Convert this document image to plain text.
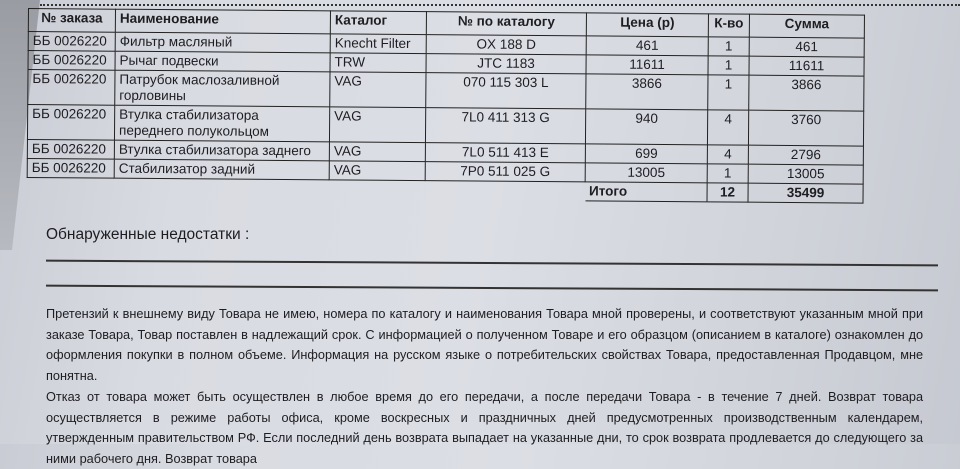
№ заказа	Наименование	Каталог	№ по каталогу	Цена (р)	К-во	Сумма
ББ 0026220	Фильтр масляный	Knecht Filter	OX 188 D	461	1	461
ББ 0026220	Рычаг подвески	TRW	JTC 1183	11611	1	11611
ББ 0026220	Патрубок маслозаливной горловины	VAG	070 115 303 L	3866	1	3866
ББ 0026220	Втулка стабилизатора переднего полукольцом	VAG	7L0 411 313 G	940	4	3760
ББ 0026220	Втулка стабилизатора заднего	VAG	7L0 511 413 E	699	4	2796
ББ 0026220	Стабилизатор задний	VAG	7P0 511 025 G	13005	1	13005
				Итого	12	35499
Обнаруженные недостатки :

Претензий к внешнему виду Товара не имею, номера по каталогу и наименования Товара мной проверены, и соответствуют указанным мной при заказе Товара, Товар поставлен в надлежащий срок. С информацией о полученном Товаре и его образцом (описанием в каталоге) ознакомлен до оформления покупки в полном объеме. Информация на русском языке о потребительских свойствах Товара, предоставленная Продавцом, мне понятна.

Отказ от товара может быть осуществлен в любое время до его передачи, а после передачи Товара - в течение 7 дней. Возврат товара осуществляется в режиме работы офиса, кроме воскресных и праздничных дней предусмотренных производственным календарем, утвержденным правительством РФ. Если последний день возврата выпадает на указанные дни, то срок возврата продлевается до следующего за ними рабочего дня. Возврат товара
